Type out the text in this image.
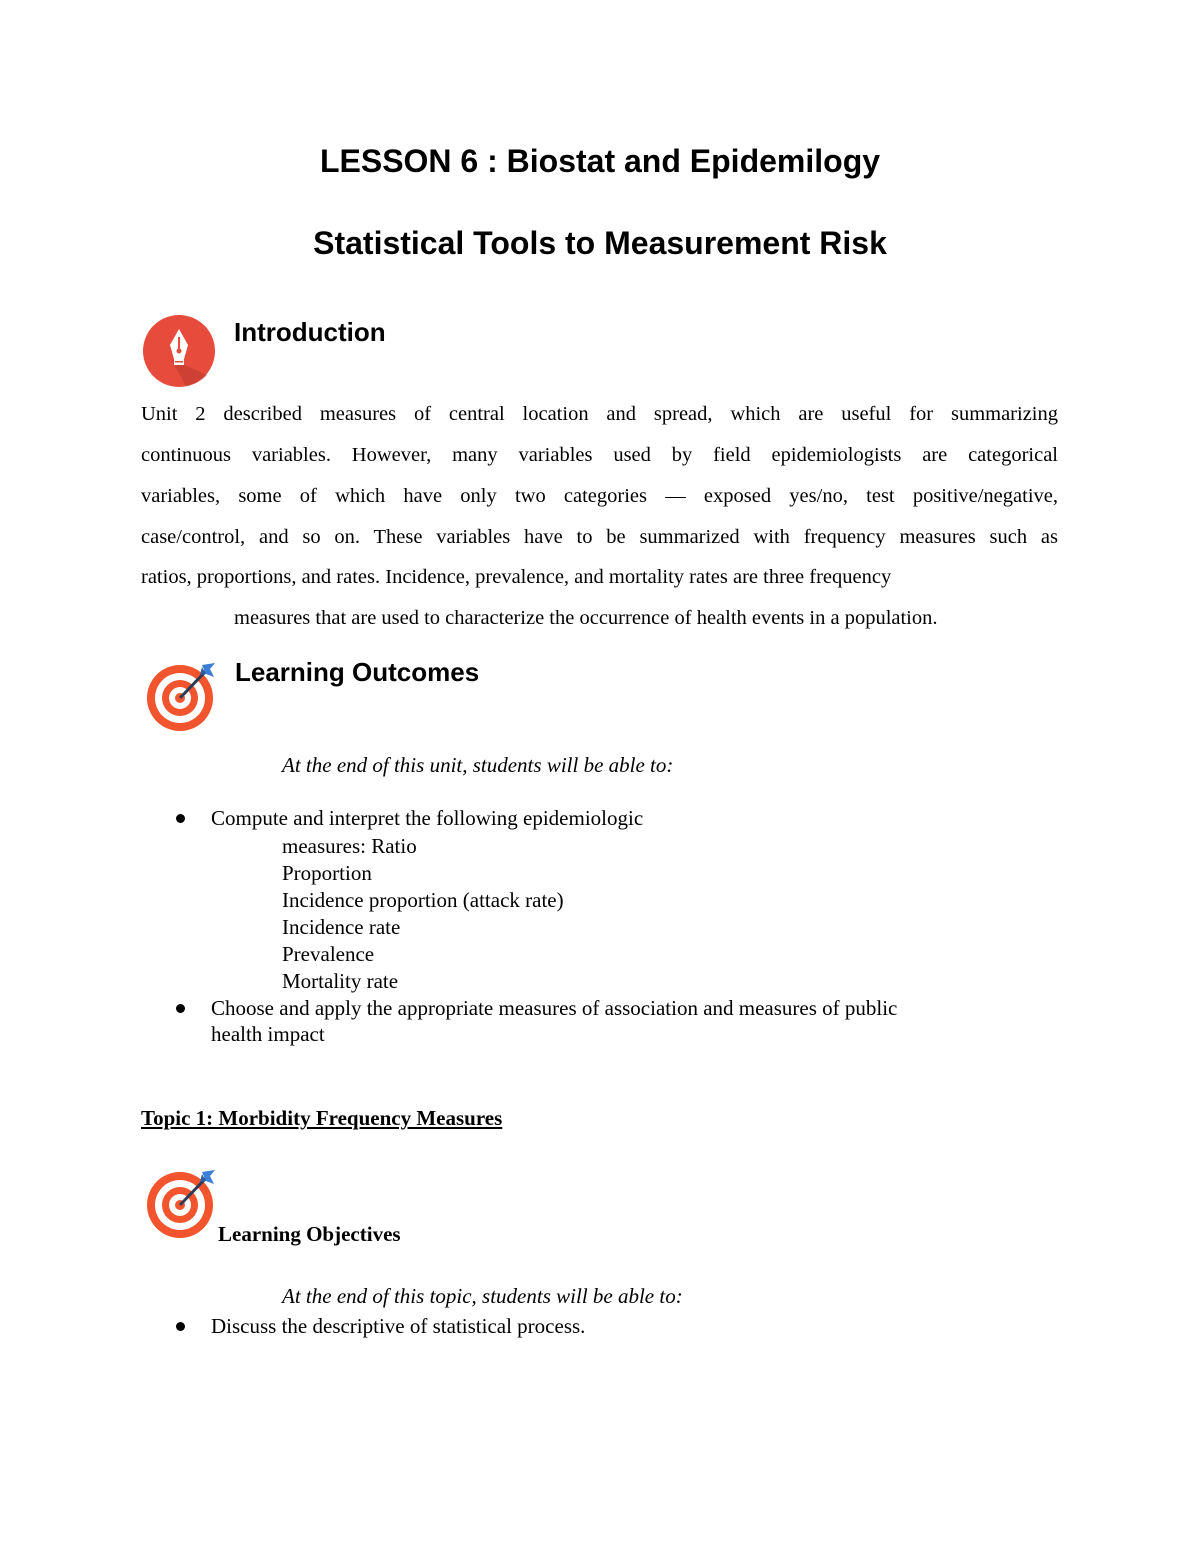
LESSON 6 : Biostat and Epidemilogy
Statistical Tools to Measurement Risk
Introduction
Unit 2 described measures of central location and spread, which are useful for summarizing
continuous variables. However, many variables used by field epidemiologists are categorical
variables, some of which have only two categories — exposed yes/no, test positive/negative,
case/control, and so on. These variables have to be summarized with frequency measures such as
ratios, proportions, and rates. Incidence, prevalence, and mortality rates are three frequency
measures that are used to characterize the occurrence of health events in a population.
Learning Outcomes
At the end of this unit, students will be able to:
Compute and interpret the following epidemiologic
measures: Ratio
Proportion
Incidence proportion (attack rate)
Incidence rate
Prevalence
Mortality rate
Choose and apply the appropriate measures of association and measures of public
health impact
Topic 1: Morbidity Frequency Measures
Learning Objectives
At the end of this topic, students will be able to:
Discuss the descriptive of statistical process.
